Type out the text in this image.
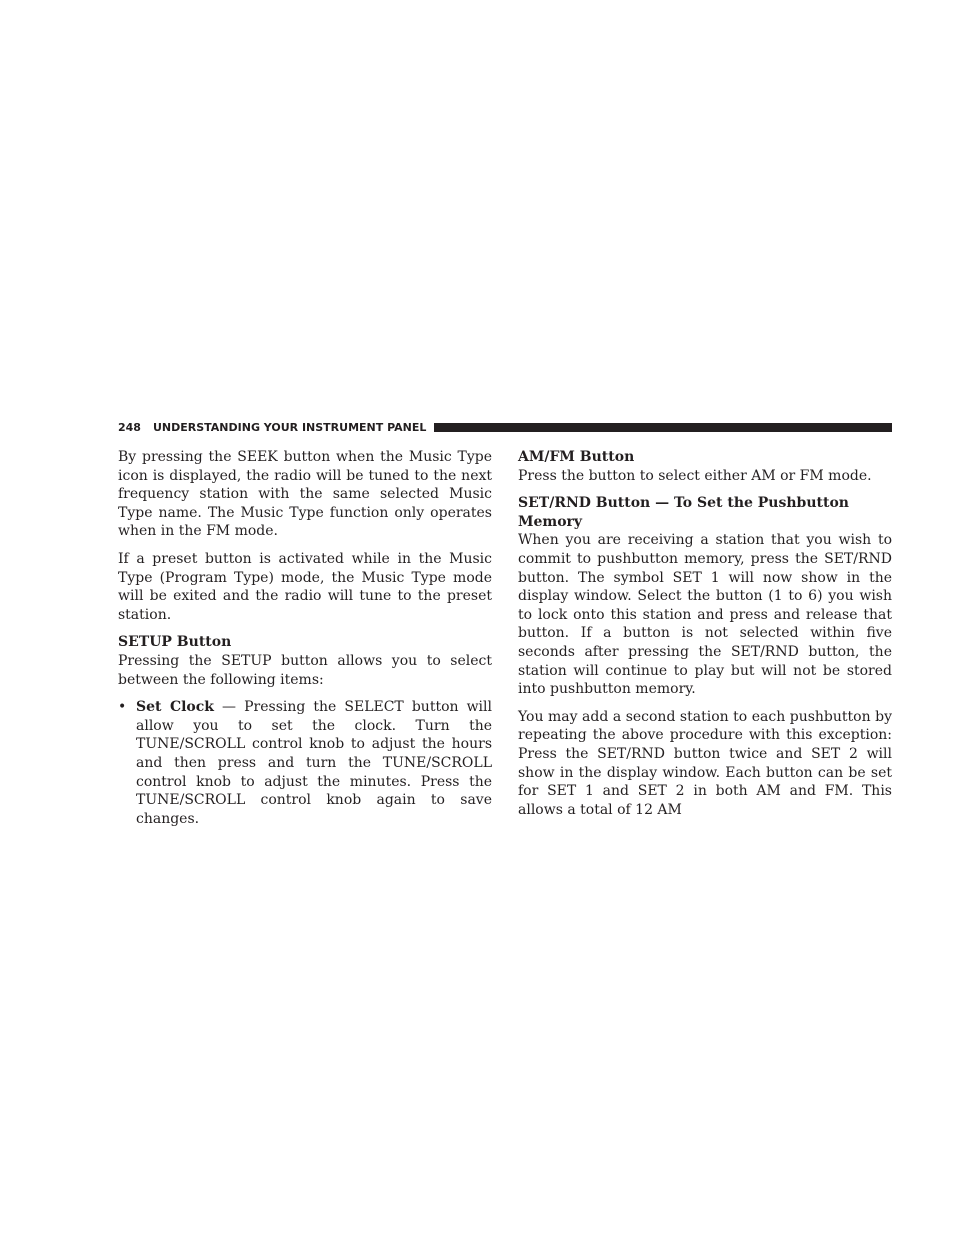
248 UNDERSTANDING YOUR INSTRUMENT PANEL

By pressing the SEEK button when the Music Type icon is displayed, the radio will be tuned to the next frequency station with the same selected Music Type name. The Music Type function only operates when in the FM mode.

If a preset button is activated while in the Music Type (Program Type) mode, the Music Type mode will be exited and the radio will tune to the preset station.

SETUP Button

Pressing the SETUP button allows you to select between the following items:

• Set Clock — Pressing the SELECT button will allow you to set the clock. Turn the TUNE/SCROLL control knob to adjust the hours and then press and turn the TUNE/SCROLL control knob to adjust the minutes. Press the TUNE/SCROLL control knob again to save changes.
AM/FM Button

Press the button to select either AM or FM mode.

SET/RND Button — To Set the Pushbutton Memory

When you are receiving a station that you wish to commit to pushbutton memory, press the SET/RND button. The symbol SET 1 will now show in the display window. Select the button (1 to 6) you wish to lock onto this station and press and release that button. If a button is not selected within five seconds after pressing the SET/RND button, the station will continue to play but will not be stored into pushbutton memory.

You may add a second station to each pushbutton by repeating the above procedure with this exception: Press the SET/RND button twice and SET 2 will show in the display window. Each button can be set for SET 1 and SET 2 in both AM and FM. This allows a total of 12 AM
